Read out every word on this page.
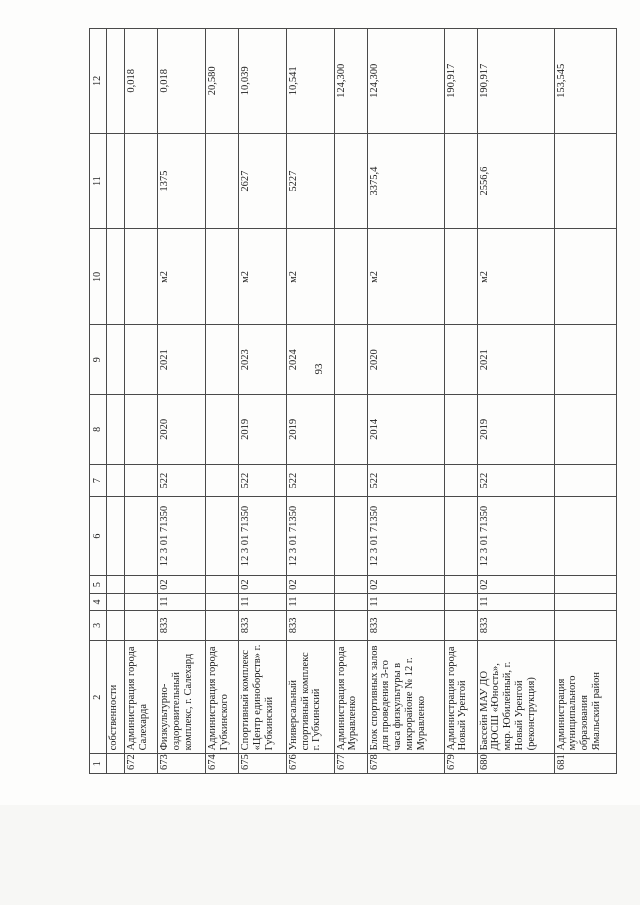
93
1	2	3	4	5	6	7	8	9	10	11	12
	собственности										
672	Администрация города Салехарда										0,018
673	Физкультурно-оздоровительный комплекс, г. Салехард	833	11	02	12 3 01 71350	522	2020	2021	м2	1375	0,018
674	Администрация города Губкинского										20,580
675	Спортивный комплекс «Центр единоборств» г. Губкинский	833	11	02	12 3 01 71350	522	2019	2023	м2	2627	10,039
676	Универсальный спортивный комплекс г. Губкинский	833	11	02	12 3 01 71350	522	2019	2024	м2	5227	10,541
677	Администрация города Муравленко										124,300
678	Блок спортивных залов для проведения 3-го часа физкультуры в микрорайоне № 12 г. Муравленко	833	11	02	12 3 01 71350	522	2014	2020	м2	3375,4	124,300
679	Администрация города Новый Уренгой										190,917
680	Бассейн МАУ ДО ДЮСШ «Юность», мкр. Юбилейный, г. Новый Уренгой (реконструкция)	833	11	02	12 3 01 71350	522	2019	2021	м2	2556,6	190,917
681	Администрация муниципального образования Ямальский район										153,545
